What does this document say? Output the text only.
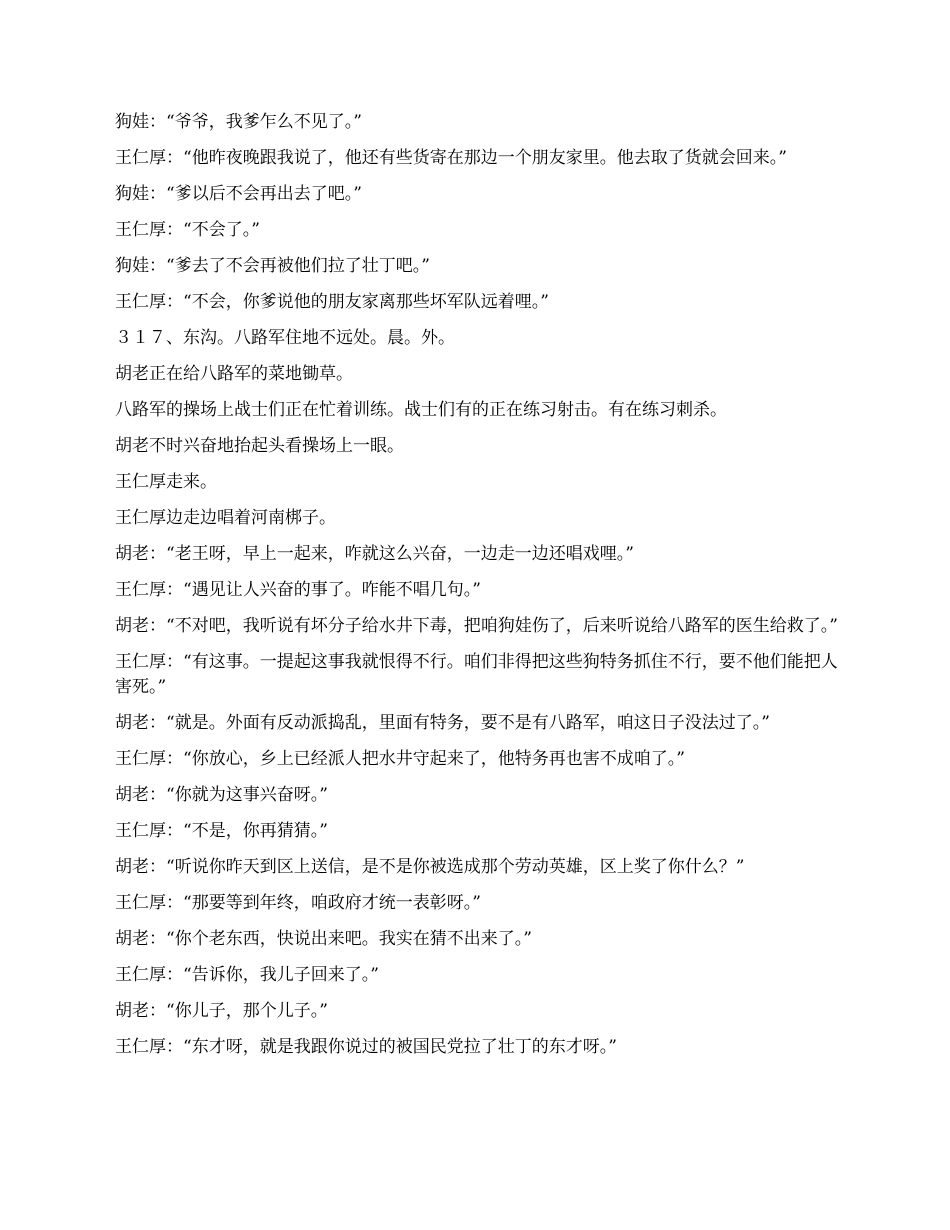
狗娃：“爷爷，我爹乍么不见了。”

王仁厚：“他昨夜晚跟我说了，他还有些货寄在那边一个朋友家里。他去取了货就会回来。”

狗娃：“爹以后不会再出去了吧。”

王仁厚：“不会了。”

狗娃：“爹去了不会再被他们拉了壮丁吧。”

王仁厚：“不会，你爹说他的朋友家离那些坏军队远着哩。”

３１７、东沟。八路军住地不远处。晨。外。

胡老正在给八路军的菜地锄草。

八路军的操场上战士们正在忙着训练。战士们有的正在练习射击。有在练习刺杀。

胡老不时兴奋地抬起头看操场上一眼。

王仁厚走来。

王仁厚边走边唱着河南梆子。

胡老：“老王呀，早上一起来，咋就这么兴奋，一边走一边还唱戏哩。”

王仁厚：“遇见让人兴奋的事了。咋能不唱几句。”

胡老：“不对吧，我听说有坏分子给水井下毒，把咱狗娃伤了，后来听说给八路军的医生给救了。”

王仁厚：“有这事。一提起这事我就恨得不行。咱们非得把这些狗特务抓住不行，要不他们能把人害死。”

胡老：“就是。外面有反动派捣乱，里面有特务，要不是有八路军，咱这日子没法过了。”

王仁厚：“你放心，乡上已经派人把水井守起来了，他特务再也害不成咱了。”

胡老：“你就为这事兴奋呀。”

王仁厚：“不是，你再猜猜。”

胡老：“听说你昨天到区上送信，是不是你被选成那个劳动英雄，区上奖了你什么？”

王仁厚：“那要等到年终，咱政府才统一表彰呀。”

胡老：“你个老东西，快说出来吧。我实在猜不出来了。”

王仁厚：“告诉你，我儿子回来了。”

胡老：“你儿子，那个儿子。”

王仁厚：“东才呀，就是我跟你说过的被国民党拉了壮丁的东才呀。”
